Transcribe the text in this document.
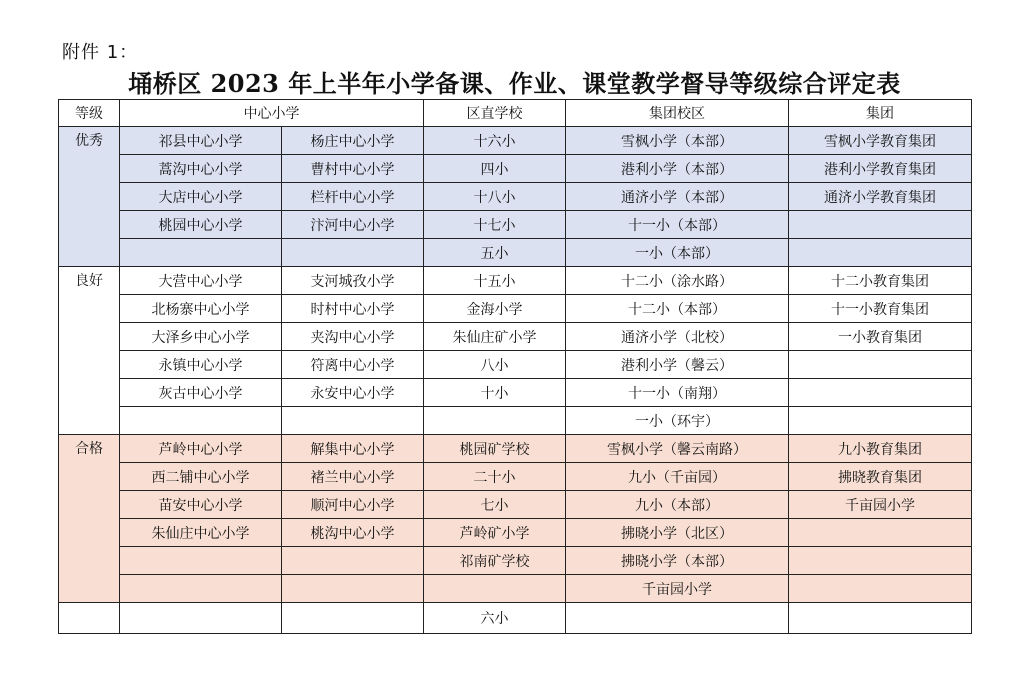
附件 1：
埇桥区 2023 年上半年小学备课、作业、课堂教学督导等级综合评定表
等级	中心小学		区直学校	集团校区	集团
优秀	祁县中心小学	杨庄中心小学	十六小	雪枫小学（本部）	雪枫小学教育集团
	蒿沟中心小学	曹村中心小学	四小	港利小学（本部）	港利小学教育集团
	大店中心小学	栏杆中心小学	十八小	通济小学（本部）	通济小学教育集团
	桃园中心小学	汴河中心小学	十七小	十一小（本部）	
			五小	一小（本部）	
良好	大营中心小学	支河城孜小学	十五小	十二小（涂水路）	十二小教育集团
	北杨寨中心小学	时村中心小学	金海小学	十二小（本部）	十一小教育集团
	大泽乡中心小学	夹沟中心小学	朱仙庄矿小学	通济小学（北校）	一小教育集团
	永镇中心小学	符离中心小学	八小	港利小学（馨云）	
	灰古中心小学	永安中心小学	十小	十一小（南翔）	
				一小（环宇）	
合格	芦岭中心小学	解集中心小学	桃园矿学校	雪枫小学（馨云南路）	九小教育集团
	西二铺中心小学	褚兰中心小学	二十小	九小（千亩园）	拂晓教育集团
	苗安中心小学	顺河中心小学	七小	九小（本部）	千亩园小学
	朱仙庄中心小学	桃沟中心小学	芦岭矿小学	拂晓小学（北区）	
			祁南矿学校	拂晓小学（本部）	
				千亩园小学	
			六小		
